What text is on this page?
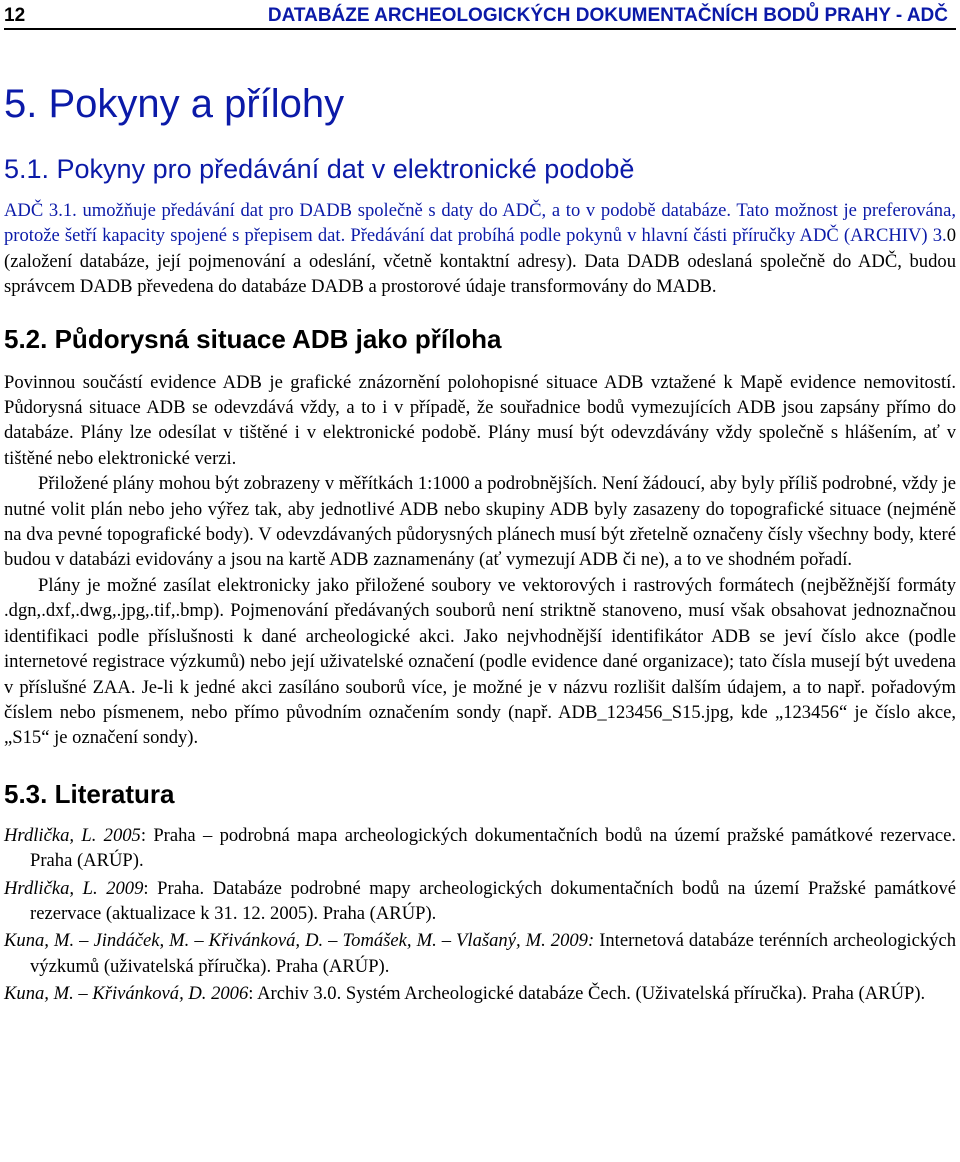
12	DATABÁZE ARCHEOLOGICKÝCH DOKUMENTAČNÍCH BODŮ PRAHY - ADČ
5. Pokyny a přílohy
5.1. Pokyny pro předávání dat v elektronické podobě

ADČ 3.1. umožňuje předávání dat pro DADB společně s daty do ADČ, a to v podobě databáze. Tato možnost je preferována, protože šetří kapacity spojené s přepisem dat. Předávání dat probíhá podle pokynů v hlavní části příručky ADČ (ARCHIV) 3.0 (založení databáze, její pojmenování a odeslání, včetně kontaktní adresy). Data DADB odeslaná společně do ADČ, budou správcem DADB převedena do databáze DADB a prostorové údaje transformovány do MADB.

5.2. Půdorysná situace ADB jako příloha

Povinnou součástí evidence ADB je grafické znázornění polohopisné situace ADB vztažené k Mapě evidence nemovitostí. Půdorysná situace ADB se odevzdává vždy, a to i v případě, že souřadnice bodů vymezujících ADB jsou zapsány přímo do databáze. Plány lze odesílat v tištěné i v elektronické podobě. Plány musí být odevzdávány vždy společně s hlášením, ať v tištěné nebo elektronické verzi.

Přiložené plány mohou být zobrazeny v měřítkách 1:1000 a podrobnějších. Není žádoucí, aby byly příliš podrobné, vždy je nutné volit plán nebo jeho výřez tak, aby jednotlivé ADB nebo skupiny ADB byly zasazeny do topografické situace (nejméně na dva pevné topografické body). V odevzdávaných půdorysných plánech musí být zřetelně označeny čísly všechny body, které budou v databázi evidovány a jsou na kartě ADB zaznamenány (ať vymezují ADB či ne), a to ve shodném pořadí.

Plány je možné zasílat elektronicky jako přiložené soubory ve vektorových i rastrových formátech (nejběžnější formáty .dgn,.dxf,.dwg,.jpg,.tif,.bmp). Pojmenování předávaných souborů není striktně stanoveno, musí však obsahovat jednoznačnou identifikaci podle příslušnosti k dané archeologické akci. Jako nejvhodnější identifikátor ADB se jeví číslo akce (podle internetové registrace výzkumů) nebo její uživatelské označení (podle evidence dané organizace); tato čísla musejí být uvedena v příslušné ZAA. Je-li k jedné akci zasíláno souborů více, je možné je v názvu rozlišit dalším údajem, a to např. pořadovým číslem nebo písmenem, nebo přímo původním označením sondy (např. ADB_123456_S15.jpg, kde „123456“ je číslo akce, „S15“ je označení sondy).

5.3. Literatura

Hrdlička, L. 2005: Praha – podrobná mapa archeologických dokumentačních bodů na území pražské památkové rezervace. Praha (ARÚP).

Hrdlička, L. 2009: Praha. Databáze podrobné mapy archeologických dokumentačních bodů na území Pražské památkové rezervace (aktualizace k 31. 12. 2005). Praha (ARÚP).

Kuna, M. – Jindáček, M. – Křivánková, D. – Tomášek, M. – Vlašaný, M. 2009: Internetová databáze terénních archeologických výzkumů (uživatelská příručka). Praha (ARÚP).

Kuna, M. – Křivánková, D. 2006: Archiv 3.0. Systém Archeologické databáze Čech. (Uživatelská příručka). Praha (ARÚP).
